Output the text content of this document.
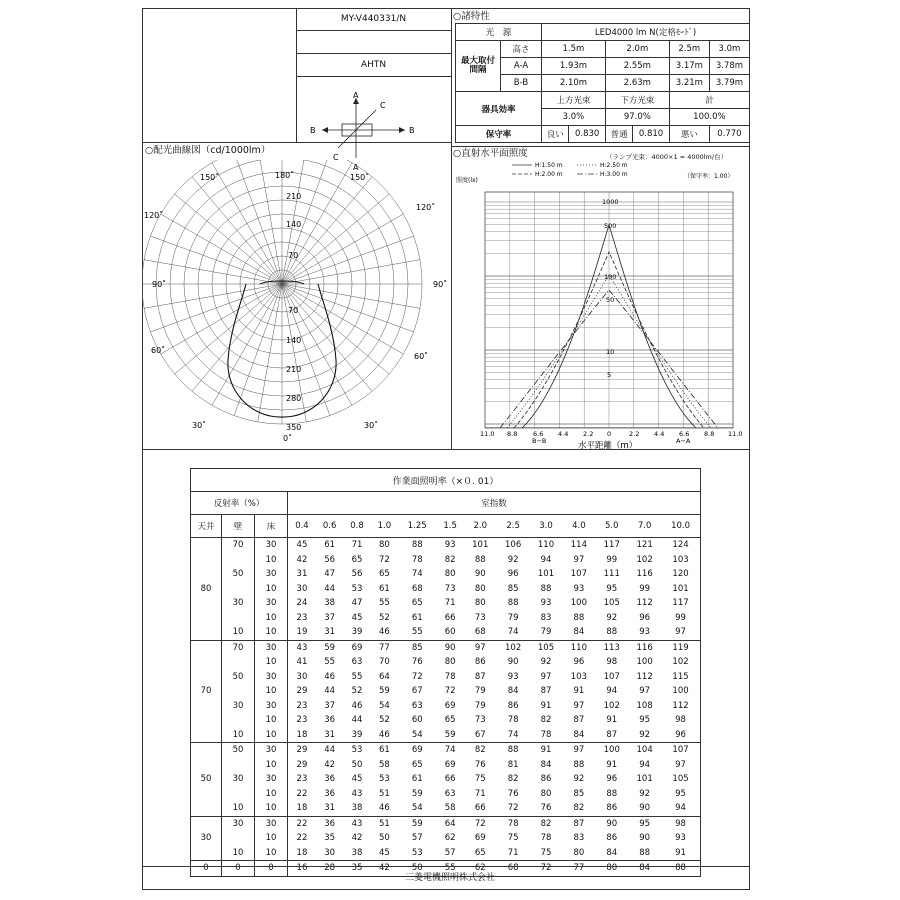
MY-V440331/N
AHTN
A
C
B	B
C
A
○諸特性
光　源		LED4000 lm N(定格ﾓｰﾄﾞ)					
最大取付間隔	高さ	1.5m		2.0m		2.5m	3.0m
	A-A	1.93m		2.55m		3.17m	3.78m
	B-B	2.10m		2.63m		3.21m	3.79m
器具効率		上方光束		下方光束		計	
		3.0%		97.0%		100.0%	
保守率		良い	0.830	普通	0.810	悪い	0.770
○配光曲線図（cd/1000lm）
150˚	180˚	150˚
120˚
120˚
90˚	90˚
60˚
60˚
30˚
0˚
30˚
210
140
70
70
140
210
280
350
○直射水平面照度	（ランプ光束：4000×1 = 4000lm/台）
H:1.50 m	H:2.50 m
H:2.00 m	H:3.00 m
照度(lx)
（保守率：1.00）
1000
500
100
50
10
5
11.0 8.8 6.6 4.4 2.2 0	2.2 4.4 6.6 8.8 11.0
B−B	A−A
水平距離（m）
作業面照明率（×０. 01）															
反射率（%）			室指数												
天井	壁	床	0.4	0.6	0.8	1.0	1.25	1.5	2.0	2.5	3.0	4.0	5.0	7.0	10.0
80	70	30	45	61	71	80	88	93	101	106	110	114	117	121	124
		10	42	56	65	72	78	82	88	92	94	97	99	102	103
	50	30	31	47	56	65	74	80	90	96	101	107	111	116	120
		10	30	44	53	61	68	73	80	85	88	93	95	99	101
	30	30	24	38	47	55	65	71	80	88	93	100	105	112	117
		10	23	37	45	52	61	66	73	79	83	88	92	96	99
	10	10	19	31	39	46	55	60	68	74	79	84	88	93	97
70	70	30	43	59	69	77	85	90	97	102	105	110	113	116	119
		10	41	55	63	70	76	80	86	90	92	96	98	100	102
	50	30	30	46	55	64	72	78	87	93	97	103	107	112	115
		10	29	44	52	59	67	72	79	84	87	91	94	97	100
	30	30	23	37	46	54	63	69	79	86	91	97	102	108	112
		10	23	36	44	52	60	65	73	78	82	87	91	95	98
	10	10	18	31	39	46	54	59	67	74	78	84	87	92	96
50	50	30	29	44	53	61	69	74	82	88	91	97	100	104	107
		10	29	42	50	58	65	69	76	81	84	88	91	94	97
	30	30	23	36	45	53	61	66	75	82	86	92	96	101	105
		10	22	36	43	51	59	63	71	76	80	85	88	92	95
	10	10	18	31	38	46	54	58	66	72	76	82	86	90	94
30	30	30	22	36	43	51	59	64	72	78	82	87	90	95	98
		10	22	35	42	50	57	62	69	75	78	83	86	90	93
	10	10	18	30	38	45	53	57	65	71	75	80	84	88	91
0	0	0	16	28	35	42	50	55	62	68	72	77	80	84	88
三菱電機照明株式会社
